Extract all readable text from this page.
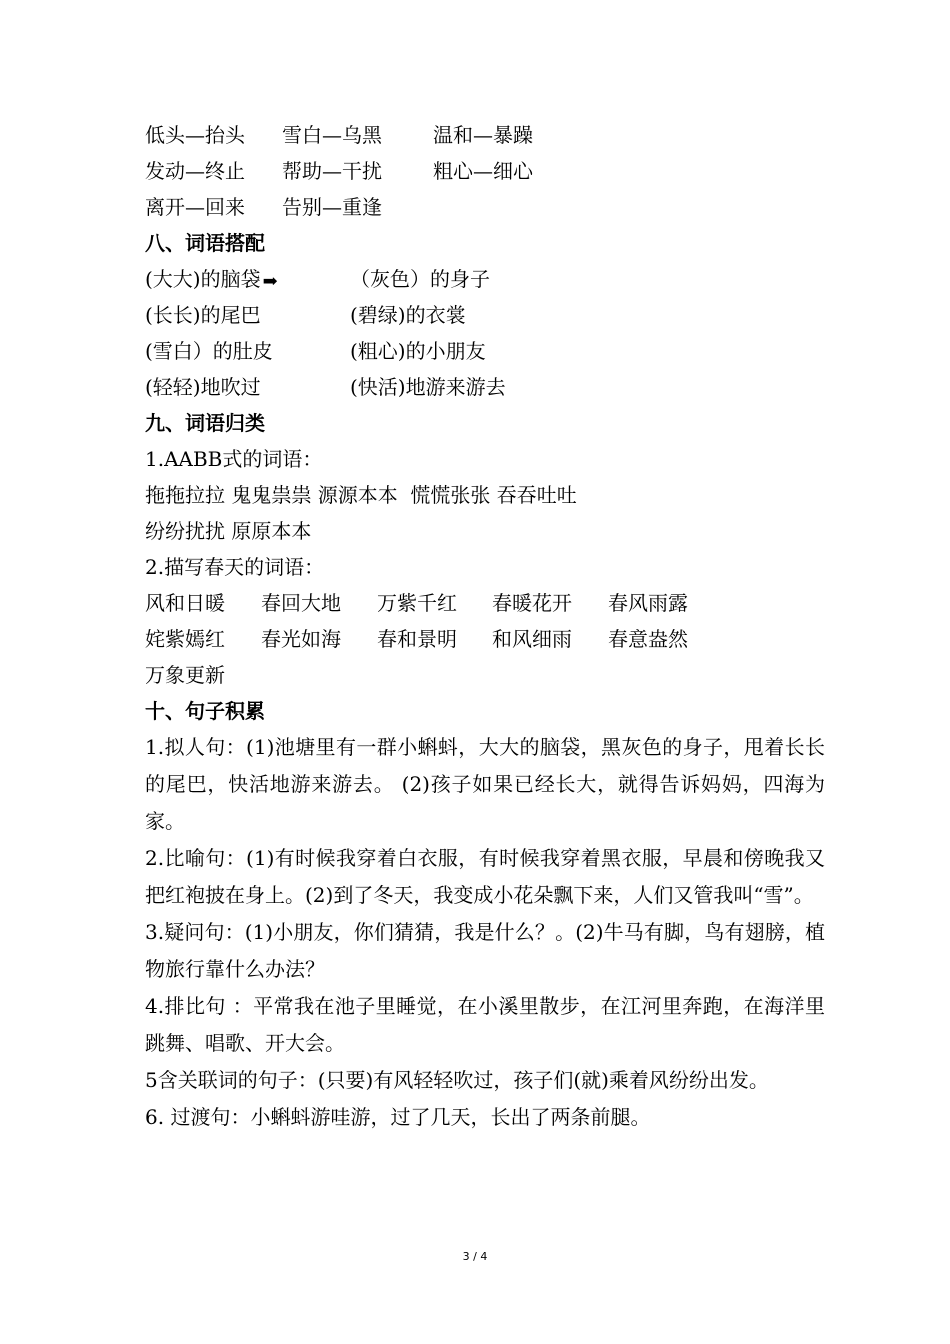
低头—抬头 雪白—乌黑	温和—暴躁
发动—终止 帮助—干扰	粗心—细心
离开—回来 告别—重逢
八、词语搭配
(大大)的脑袋 ➡	（灰色）的身子
(长长)的尾巴	(碧绿)的衣裳
(雪白）的肚皮	(粗心)的小朋友
(轻轻)地吹过	(快活)地游来游去
九、词语归类
1.AABB式的词语：
拖拖拉拉 鬼鬼祟祟 源源本本  慌慌张张 吞吞吐吐
纷纷扰扰 原原本本
2.描写春天的词语：
风和日暖 春回大地 万紫千红 春暖花开 春风雨露
姹紫嫣红 春光如海 春和景明 和风细雨 春意盎然
万象更新
十、句子积累

1.拟人句：(1)池塘里有一群小蝌蚪，大大的脑袋，黑灰色的身子，甩着长长的尾巴，快活地游来游去。 (2)孩子如果已经长大，就得告诉妈妈，四海为家。

2.比喻句：(1)有时候我穿着白衣服，有时候我穿着黑衣服，早晨和傍晚我又把红袍披在身上。(2)到了冬天，我变成小花朵飘下来，人们又管我叫“雪”。

3.疑问句：(1)小朋友，你们猜猜，我是什么？。(2)牛马有脚，鸟有翅膀，植物旅行靠什么办法？

4.排比句 ：平常我在池子里睡觉，在小溪里散步，在江河里奔跑，在海洋里跳舞、唱歌、开大会。

5含关联词的句子：(只要)有风轻轻吹过，孩子们(就)乘着风纷纷出发。

6. 过渡句：小蝌蚪游哇游，过了几天，长出了两条前腿。

3 / 4
